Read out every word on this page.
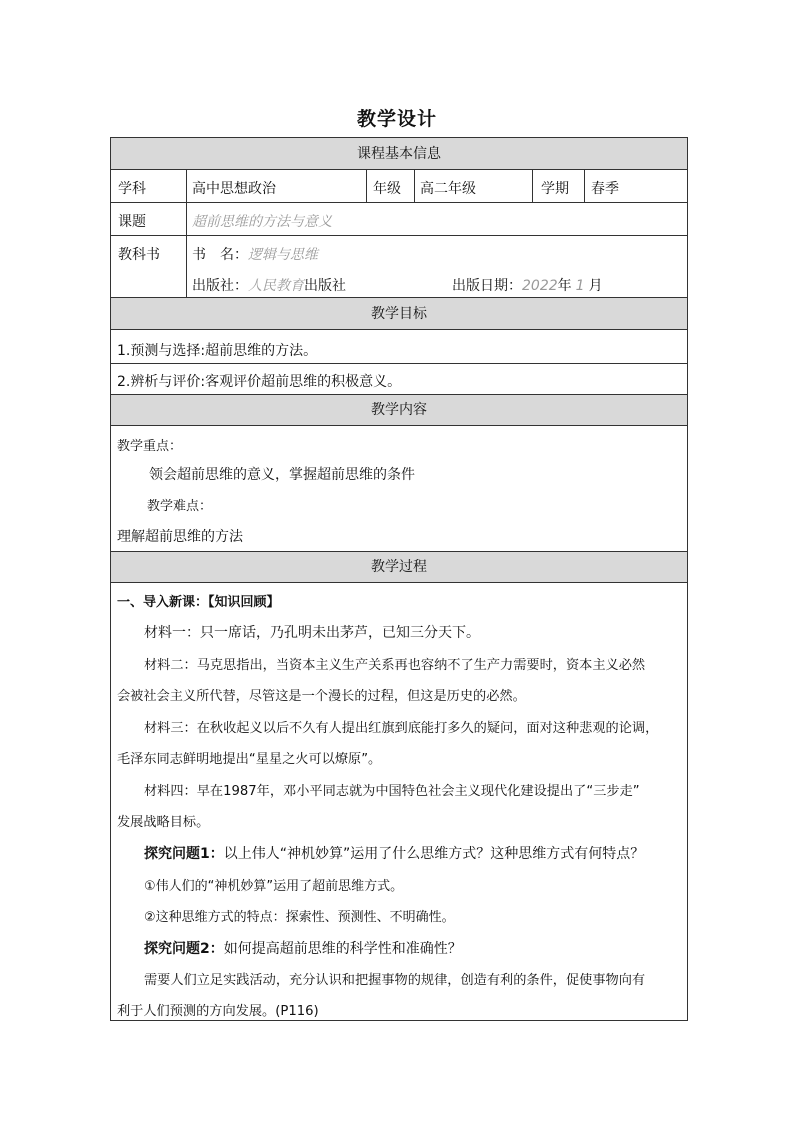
教学设计
课程基本信息
学科	高中思想政治	年级 高二年级	学期 春季
课题	超前思维的方法与意义
教科书 书　名：逻辑与思维
出版社：人民教育出版社	出版日期：2022年 1 月
教学目标
1.预测与选择:超前思维的方法。
2.辨析与评价:客观评价超前思维的积极意义。
教学内容
教学重点：
领会超前思维的意义，掌握超前思维的条件
教学难点：
理解超前思维的方法
教学过程
一、导入新课：【知识回顾】
材料一：只一席话，乃孔明未出茅芦，已知三分天下。
材料二：马克思指出，当资本主义生产关系再也容纳不了生产力需要时，资本主义必然
会被社会主义所代替，尽管这是一个漫长的过程，但这是历史的必然。
材料三：在秋收起义以后不久有人提出红旗到底能打多久的疑问，面对这种悲观的论调，
毛泽东同志鲜明地提出“星星之火可以燎原”。
材料四：早在1987年，邓小平同志就为中国特色社会主义现代化建设提出了“三步走”
发展战略目标。
探究问题1：以上伟人“神机妙算”运用了什么思维方式？这种思维方式有何特点？
①伟人们的“神机妙算”运用了超前思维方式。
②这种思维方式的特点：探索性、预测性、不明确性。
探究问题2：如何提高超前思维的科学性和准确性？
需要人们立足实践活动，充分认识和把握事物的规律，创造有利的条件，促使事物向有
利于人们预测的方向发展。(P116)
